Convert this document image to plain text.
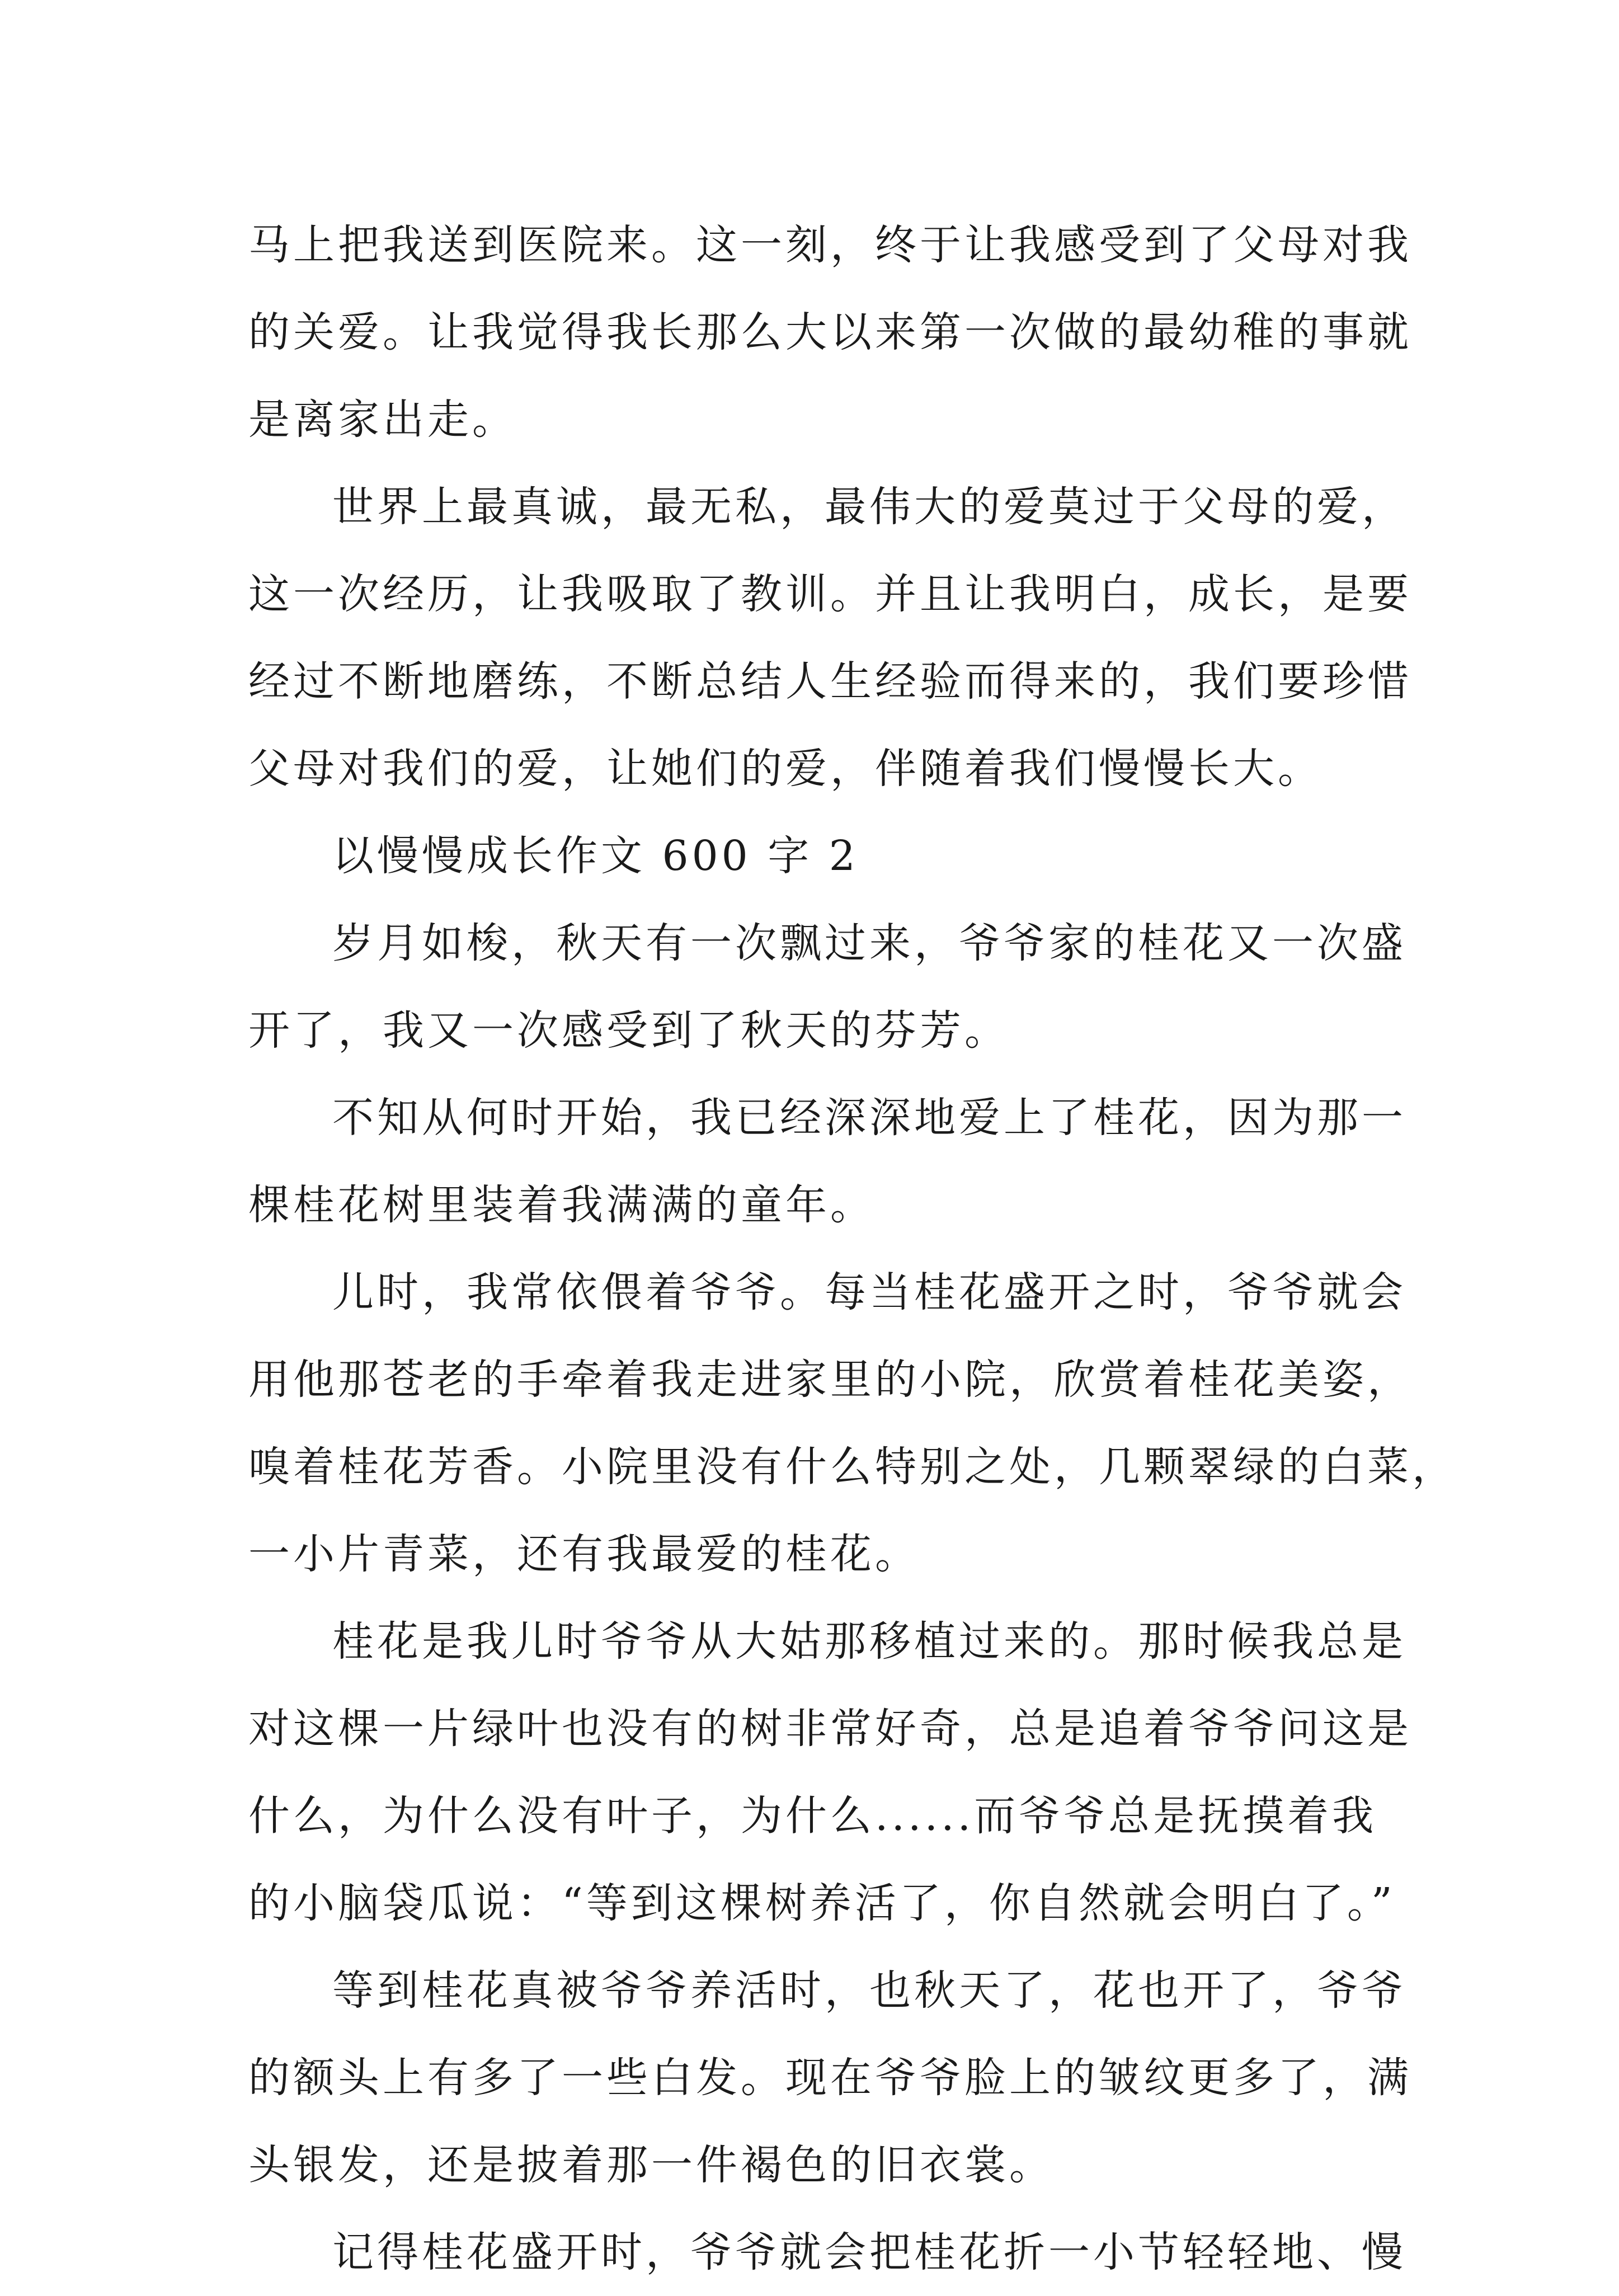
马上把我送到医院来。这一刻，终于让我感受到了父母对我
的关爱。让我觉得我长那么大以来第一次做的最幼稚的事就
是离家出走。
世界上最真诚，最无私，最伟大的爱莫过于父母的爱，
这一次经历，让我吸取了教训。并且让我明白，成长，是要
经过不断地磨练，不断总结人生经验而得来的，我们要珍惜
父母对我们的爱，让她们的爱，伴随着我们慢慢长大。
以慢慢成长作文 600 字 2
岁月如梭，秋天有一次飘过来，爷爷家的桂花又一次盛
开了，我又一次感受到了秋天的芬芳。
不知从何时开始，我已经深深地爱上了桂花，因为那一
棵桂花树里装着我满满的童年。
儿时，我常依偎着爷爷。每当桂花盛开之时，爷爷就会
用他那苍老的手牵着我走进家里的小院，欣赏着桂花美姿，
嗅着桂花芳香。小院里没有什么特别之处，几颗翠绿的白菜，
一小片青菜，还有我最爱的桂花。
桂花是我儿时爷爷从大姑那移植过来的。那时候我总是
对这棵一片绿叶也没有的树非常好奇，总是追着爷爷问这是
什么，为什么没有叶子，为什么......而爷爷总是抚摸着我
的小脑袋瓜说：“等到这棵树养活了，你自然就会明白了。”
等到桂花真被爷爷养活时，也秋天了，花也开了，爷爷
的额头上有多了一些白发。现在爷爷脸上的皱纹更多了，满
头银发，还是披着那一件褐色的旧衣裳。
记得桂花盛开时，爷爷就会把桂花折一小节轻轻地、慢
